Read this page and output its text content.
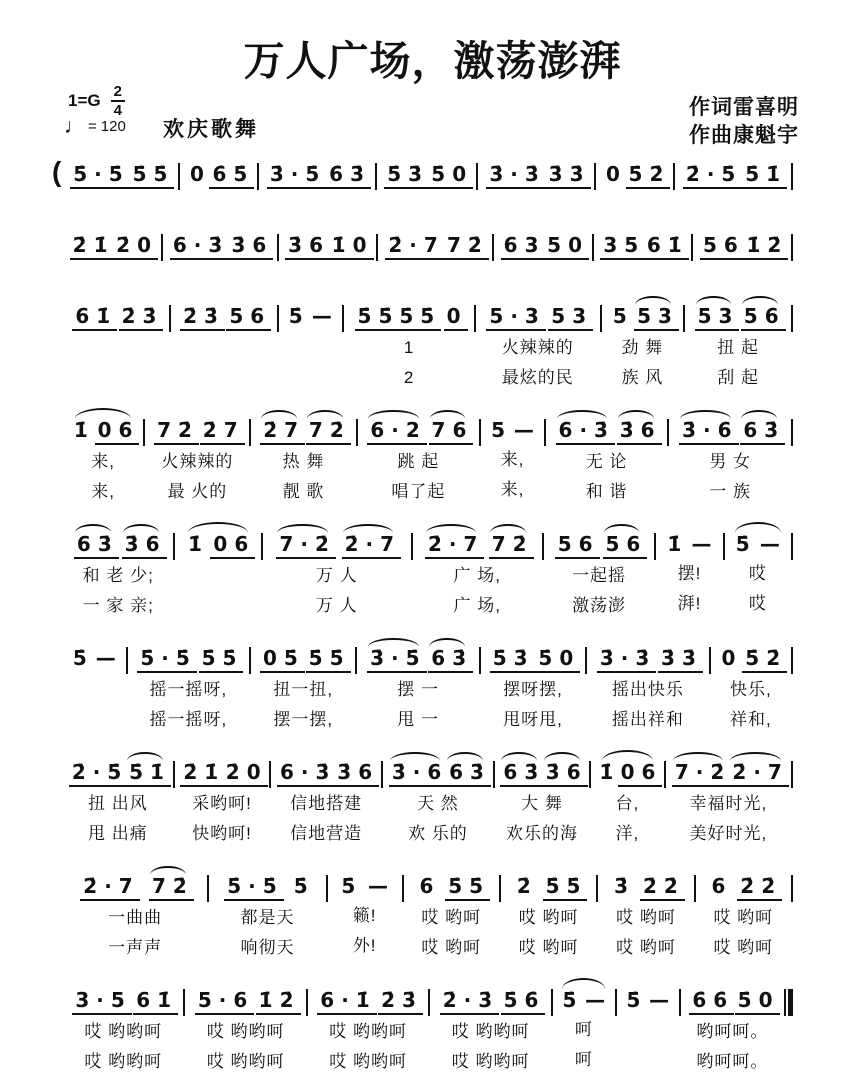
万人广场，激荡澎湃
$1=G \frac{2}{4}$
♩ = 120 欢庆歌舞
作词雷喜明
作曲康魁宇
( 5̇·5̇ 5̇5̇ 0 6̇5̇ 3̇·5̇ 6̇3̇ 5̇3̇ 5̇0 3̇·3̇ 3̇3̇ 0 5̇2̇ 2̇·5̇ 5̇1̇
2̇1̇ 2̇0 6·3̇ 3̇6 3̇6 1̇0 2̇·7 72̇ 63 50 35 61̇ 56 1̇2̇
61̇ 2̇3̇ 2̇3̇ 56 5̇ — 5̇5̇5̇5̇ 0
1
2
5·3 53
火辣辣的
最炫的民
5 53
劲 舞
族 风
53 56
扭 起
刮 起
1̇ 06
来,
来,
72̇ 2̇7
火辣辣的
最 火的
2̇7 72̇
热 舞
靓 歌
6·2 76
跳 起
唱了起
5 —
来,
来,
6·3̇ 3̇6
无 论
和 谐
3̇·6 63̇
男 女
一 族
63̇ 3̇6
和 老 少;
一 家 亲;
1̇ 06 7·2̇ 2̇·7
万 人
万 人
2̇·7 72̇
广 场,
广 场,
56 56
一起摇
激荡澎
1̇ —
摆!
湃!
5̇ —
哎
哎
5̇ — 5̇·5̇ 5̇5̇
摇一摇呀,
摇一摇呀,
05̇ 5̇5̇
扭一扭,
摆一摆,
3̇·5̇ 63̇
摆 一
甩 一
5̇3̇ 5̇0
摆呀摆,
甩呀甩,
3̇·3̇ 3̇3̇
摇出快乐
摇出祥和
0 5̇2̇
快乐,
祥和,
2̇·5̇ 5̇1̇
扭 出风
甩 出痛
2̇1̇ 2̇0
采哟呵!
快哟呵!
6·3̇ 3̇6
信地搭建
信地营造
3̇·6 63̇
天 然
欢 乐的
63̇ 3̇6
大 舞
欢乐的海
1̇ 06
台,
洋,
7·2̇ 2̇·7
幸福时光,
美好时光,
2̇·7 72̇
一曲曲
一声声
5̇·5̇ 5̇
都是天
响彻天
5̇ —
籁!
外!
6 5̇5̇
哎 哟呵
哎 哟呵
2̇ 5̇5̇
哎 哟呵
哎 哟呵
3̇ 2̇2̇
哎 哟呵
哎 哟呵
6 2̇2̇
哎 哟呵
哎 哟呵
3·5 61̇
哎 哟哟呵
哎 哟哟呵
5·6 1̇2̇
哎 哟哟呵
哎 哟哟呵
6·1̇ 2̇3̇
哎 哟哟呵
哎 哟哟呵
2̇·3̇ 5̇6̇
哎 哟哟呵
哎 哟哟呵
5̇ —
呵
呵
5̇ — 6̇6̇ 5̇0
哟呵呵。
哟呵呵。
